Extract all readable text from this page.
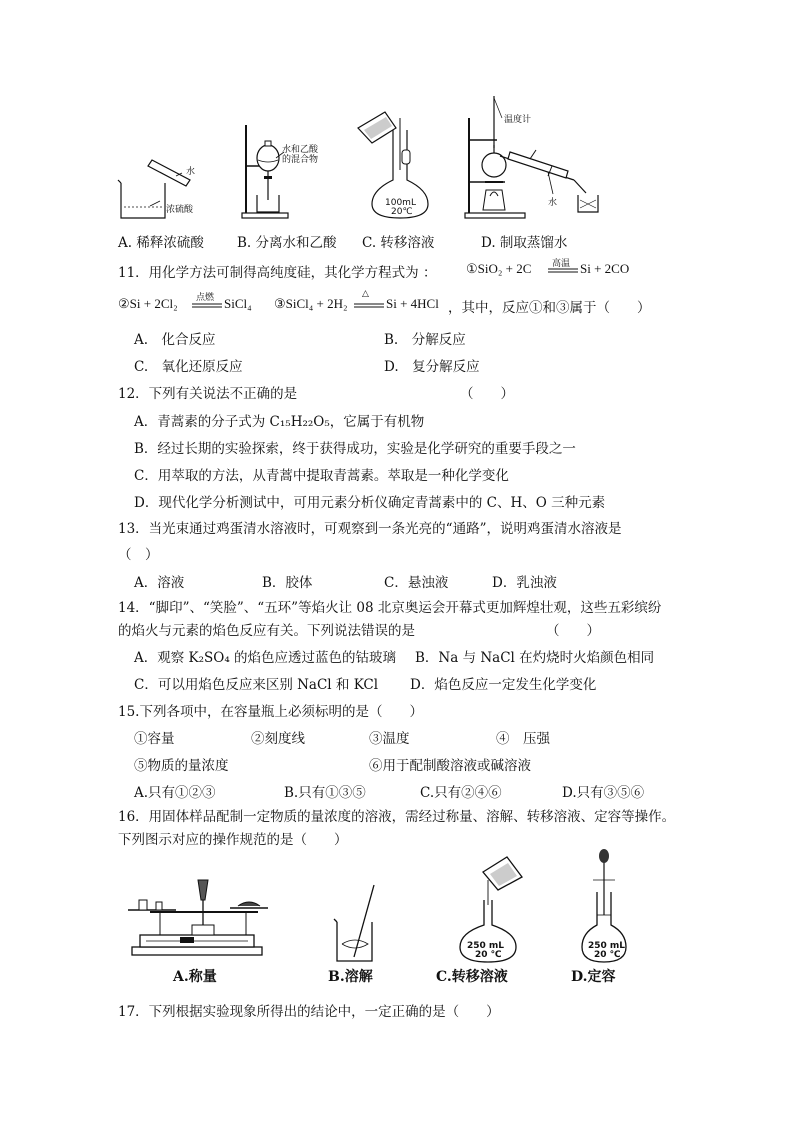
水
浓硫酸
水和乙酸
的混合物
100mL
20℃
温度计
水
A. 稀释浓硫酸 B. 分离水和乙酸 C. 转移溶液	D. 制取蒸馏水
11．用化学方法可制得高纯度硅，其化学方程式为 ： ①SiO₂ + 2C 高温 Si + 2CO
②Si + 2Cl₂ 点燃 SiCl₄ ③SiCl₄ + 2H₂
△
Si + 4HCl ，其中，反应①和③属于（　　）
A.　化合反应	B.　分解反应
C.　氧化还原反应	D.　复分解反应
12．下列有关说法不正确的是	（　　）
A．青蒿素的分子式为 C₁₅H₂₂O₅，它属于有机物
B．经过长期的实验探索，终于获得成功，实验是化学研究的重要手段之一
C．用萃取的方法，从青蒿中提取青蒿素。萃取是一种化学变化
D．现代化学分析测试中，可用元素分析仪确定青蒿素中的 C、H、O 三种元素
13．当光束通过鸡蛋清水溶液时，可观察到一条光亮的“通路”，说明鸡蛋清水溶液是
（　）
A．溶液	B．胶体	C．悬浊液	D．乳浊液
14．“脚印”、“笑脸”、“五环”等焰火让 08 北京奥运会开幕式更加辉煌壮观，这些五彩缤纷
的焰火与元素的焰色反应有关。下列说法错误的是	（　　）
A．观察 K₂SO₄ 的焰色应透过蓝色的钴玻璃 B．Na 与 NaCl 在灼烧时火焰颜色相同
C．可以用焰色反应来区别 NaCl 和 KCl D．焰色反应一定发生化学变化
15.下列各项中，在容量瓶上必须标明的是（　　）
①容量	②刻度线	③温度	④　压强
⑤物质的量浓度	⑥用于配制酸溶液或碱溶液
A.只有①②③	B.只有①③⑤	C.只有②④⑥	D.只有③⑤⑥
16．用固体样品配制一定物质的量浓度的溶液，需经过称量、溶解、转移溶液、定容等操作。
下列图示对应的操作规范的是（　　）
250 mL
20 ℃
250 mL
20 ℃
A.称量	B.溶解	C.转移溶液	D.定容
17．下列根据实验现象所得出的结论中，一定正确的是（　　）
